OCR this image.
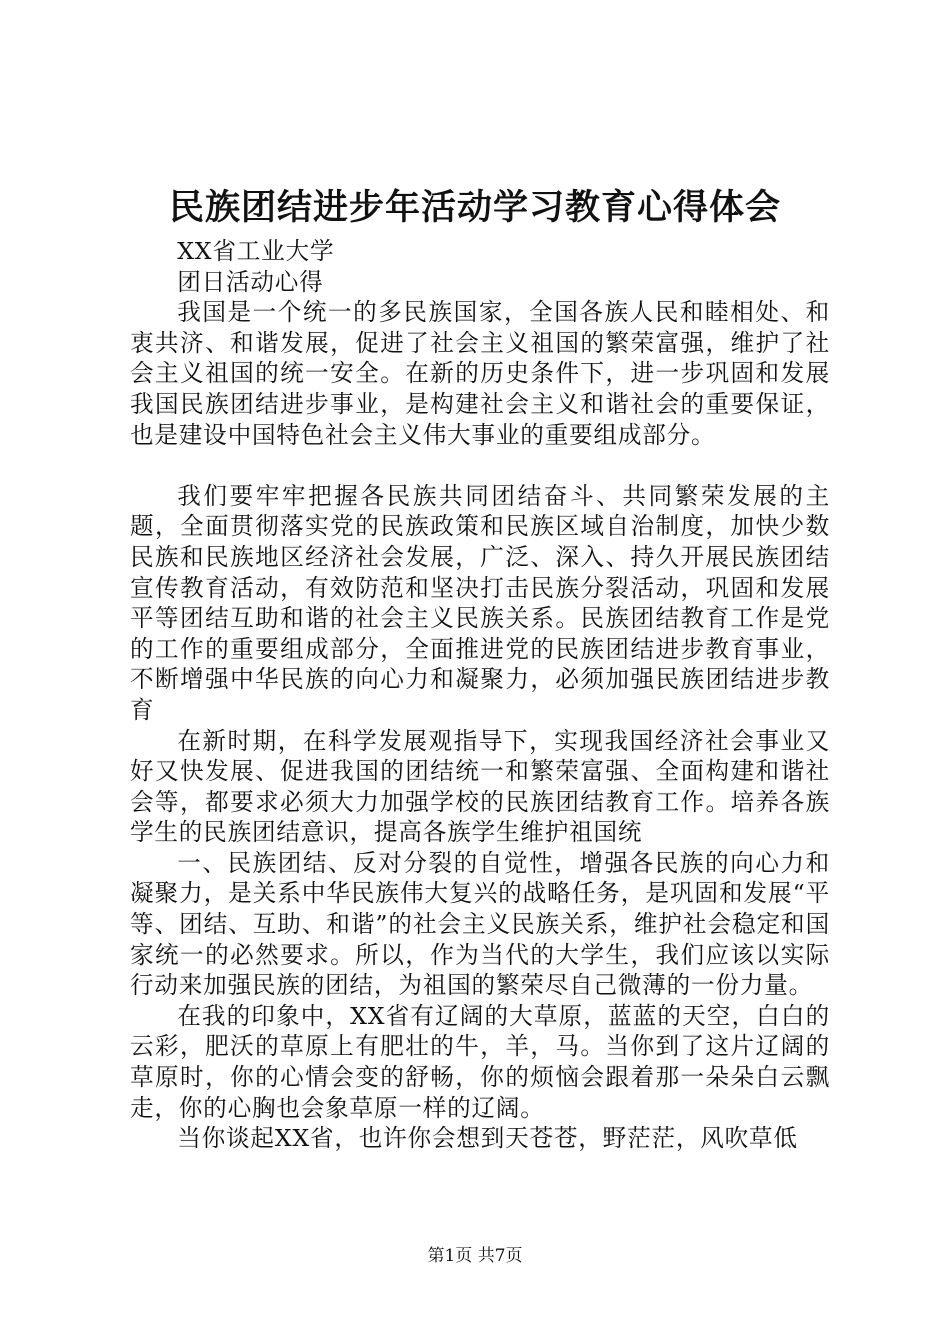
民族团结进步年活动学习教育心得体会

XX省工业大学

团日活动心得

我国是一个统一的多民族国家，全国各族人民和睦相处、和衷共济、和谐发展，促进了社会主义祖国的繁荣富强，维护了社会主义祖国的统一安全。在新的历史条件下，进一步巩固和发展我国民族团结进步事业，是构建社会主义和谐社会的重要保证，也是建设中国特色社会主义伟大事业的重要组成部分。

我们要牢牢把握各民族共同团结奋斗、共同繁荣发展的主题，全面贯彻落实党的民族政策和民族区域自治制度，加快少数民族和民族地区经济社会发展，广泛、深入、持久开展民族团结宣传教育活动，有效防范和坚决打击民族分裂活动，巩固和发展平等团结互助和谐的社会主义民族关系。民族团结教育工作是党的工作的重要组成部分，全面推进党的民族团结进步教育事业，不断增强中华民族的向心力和凝聚力，必须加强民族团结进步教育

在新时期，在科学发展观指导下，实现我国经济社会事业又好又快发展、促进我国的团结统一和繁荣富强、全面构建和谐社会等，都要求必须大力加强学校的民族团结教育工作。培养各族学生的民族团结意识，提高各族学生维护祖国统

一、民族团结、反对分裂的自觉性，增强各民族的向心力和凝聚力，是关系中华民族伟大复兴的战略任务，是巩固和发展“平等、团结、互助、和谐”的社会主义民族关系，维护社会稳定和国家统一的必然要求。所以，作为当代的大学生，我们应该以实际行动来加强民族的团结，为祖国的繁荣尽自己微薄的一份力量。

在我的印象中，XX省有辽阔的大草原，蓝蓝的天空，白白的云彩，肥沃的草原上有肥壮的牛，羊，马。当你到了这片辽阔的草原时，你的心情会变的舒畅，你的烦恼会跟着那一朵朵白云飘走，你的心胸也会象草原一样的辽阔。

当你谈起XX省，也许你会想到天苍苍，野茫茫，风吹草低

第1页 共7页
